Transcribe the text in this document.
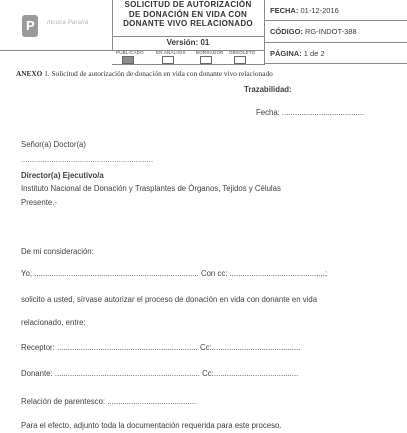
P Incuca Paraná
SOLICITUD DE AUTORIZACIÓN
DE DONACIÓN EN VIDA CON
DONANTE VIVO RELACIONADO
Versión: 01
PUBLICADO	EN ANÁLISIS BORRADOR OBSOLETO
FECHA: 01-12-2016
CÓDIGO: RG-INDOT-388
PÁGINA: 1 de 2
ANEXO 1. Solicitud de autorización de donación en vida con donante vivo relacionado
Trazabilidad:
Fecha: ......................................
Señor(a) Doctor(a)
.............................................................
Director(a) Ejecutivo/a
Instituto Nacional de Donación y Trasplantes de Órganos, Tejidos y Células
Presente.-
De mi consideración:
Yo, ............................................................................ Con cc: ............................................;
solicito a usted, sírvase autorizar el proceso de donación en vida con donante en vida
relacionado, entre:
Receptor: ................................................................. Cc:.........................................
Donante: ................................................................... Cc:.......................................
Relación de parentesco: .........................................
Para el efecto, adjunto toda la documentación requerida para este proceso.
